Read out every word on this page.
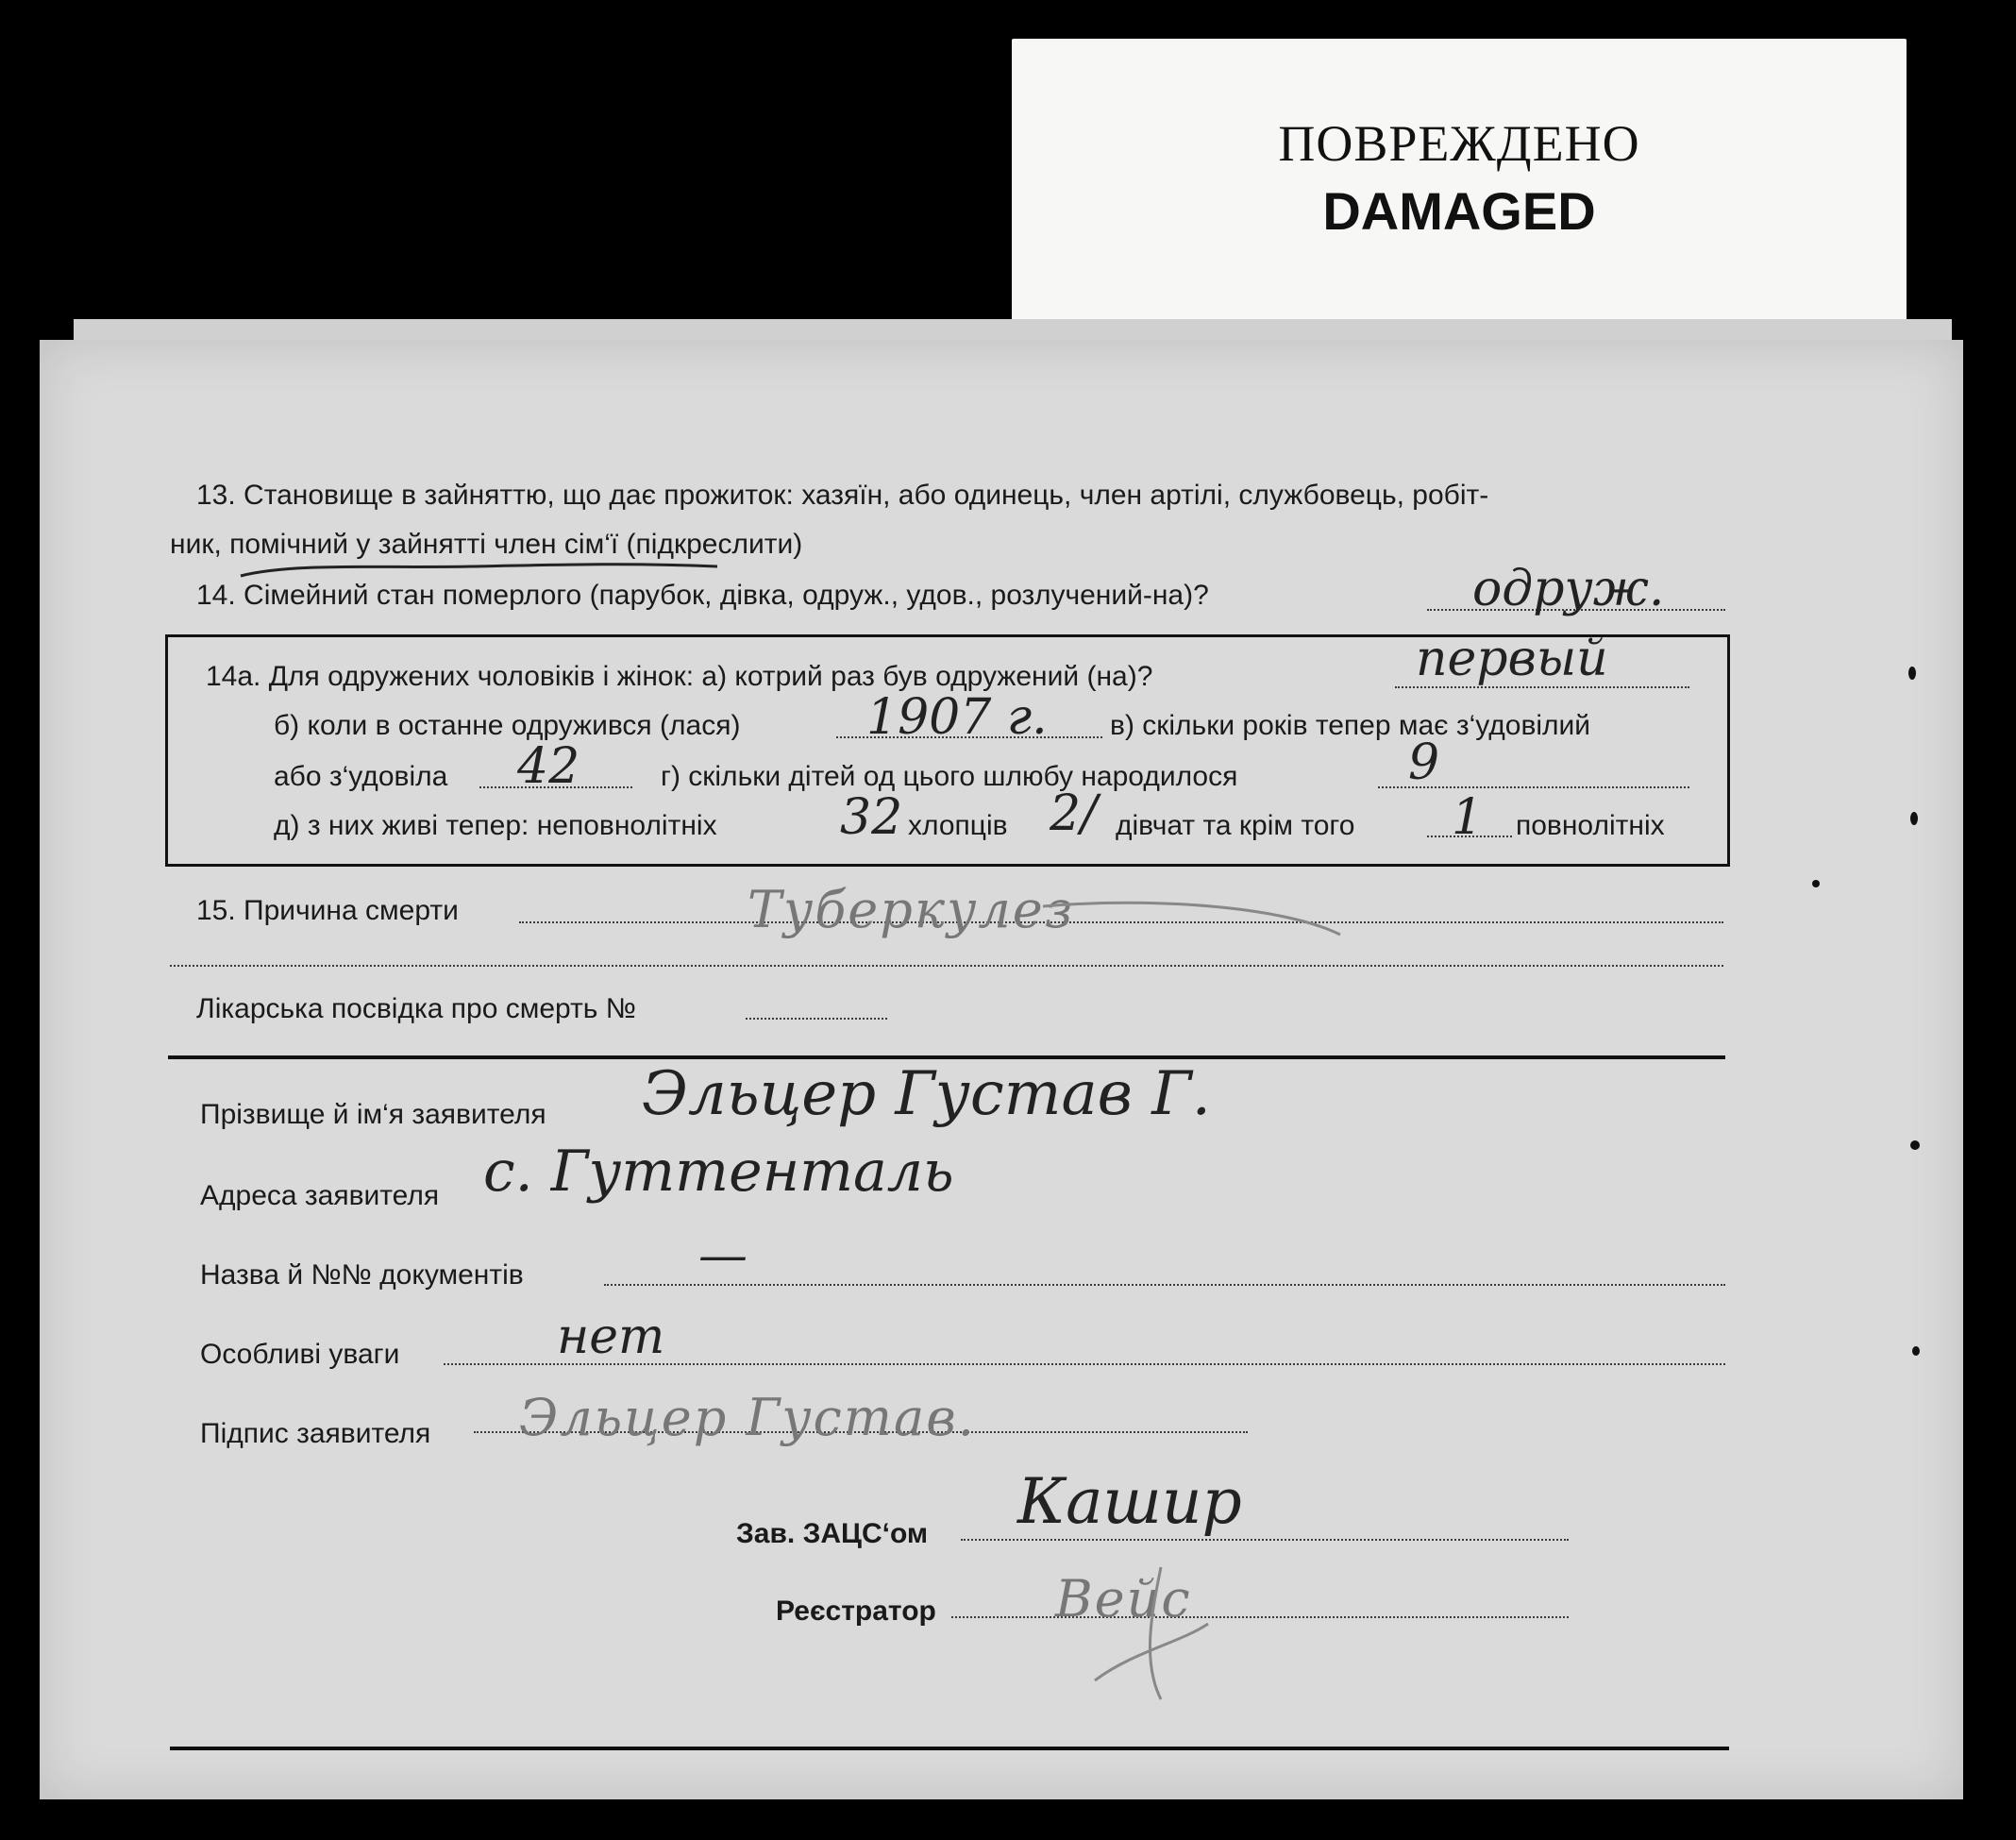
ПОВРЕЖДЕНО
DAMAGED
13. Становище в зайняттю, що дає прожиток: хазяїн, або одинець, член артілі, службовець, робіт-
ник, помічний у зайнятті член сім‘ї (підкреслити)
14. Сімейний стан померлого (парубок, дівка, одруж., удов., розлучений-на)?	одруж.
14а. Для одружених чоловіків і жінок: а) котрий раз був одружений (на)?	первый
б) коли в останне одружився (лася)	1907 г. в) скільки років тепер має з‘удовілий
або з‘удовіла 42	г) скільки дітей од цього шлюбу народилося	9
д) з них живі тепер: неповнолітніх	32 хлопців 2/ дівчат та крім того 1 повнолітніх
15. Причина смерти	Туберкулез
Лікарська посвідка про смерть №
Прізвище й ім‘я заявителя Эльцер Густав Г.
Адреса заявителя с. Гуттенталь
Назва й №№ документів	—
Особливі уваги	нет
Підпис заявителя Эльцер Густав.
Зав. ЗАЦС‘ом Кашир
Реєстратор Вейс
